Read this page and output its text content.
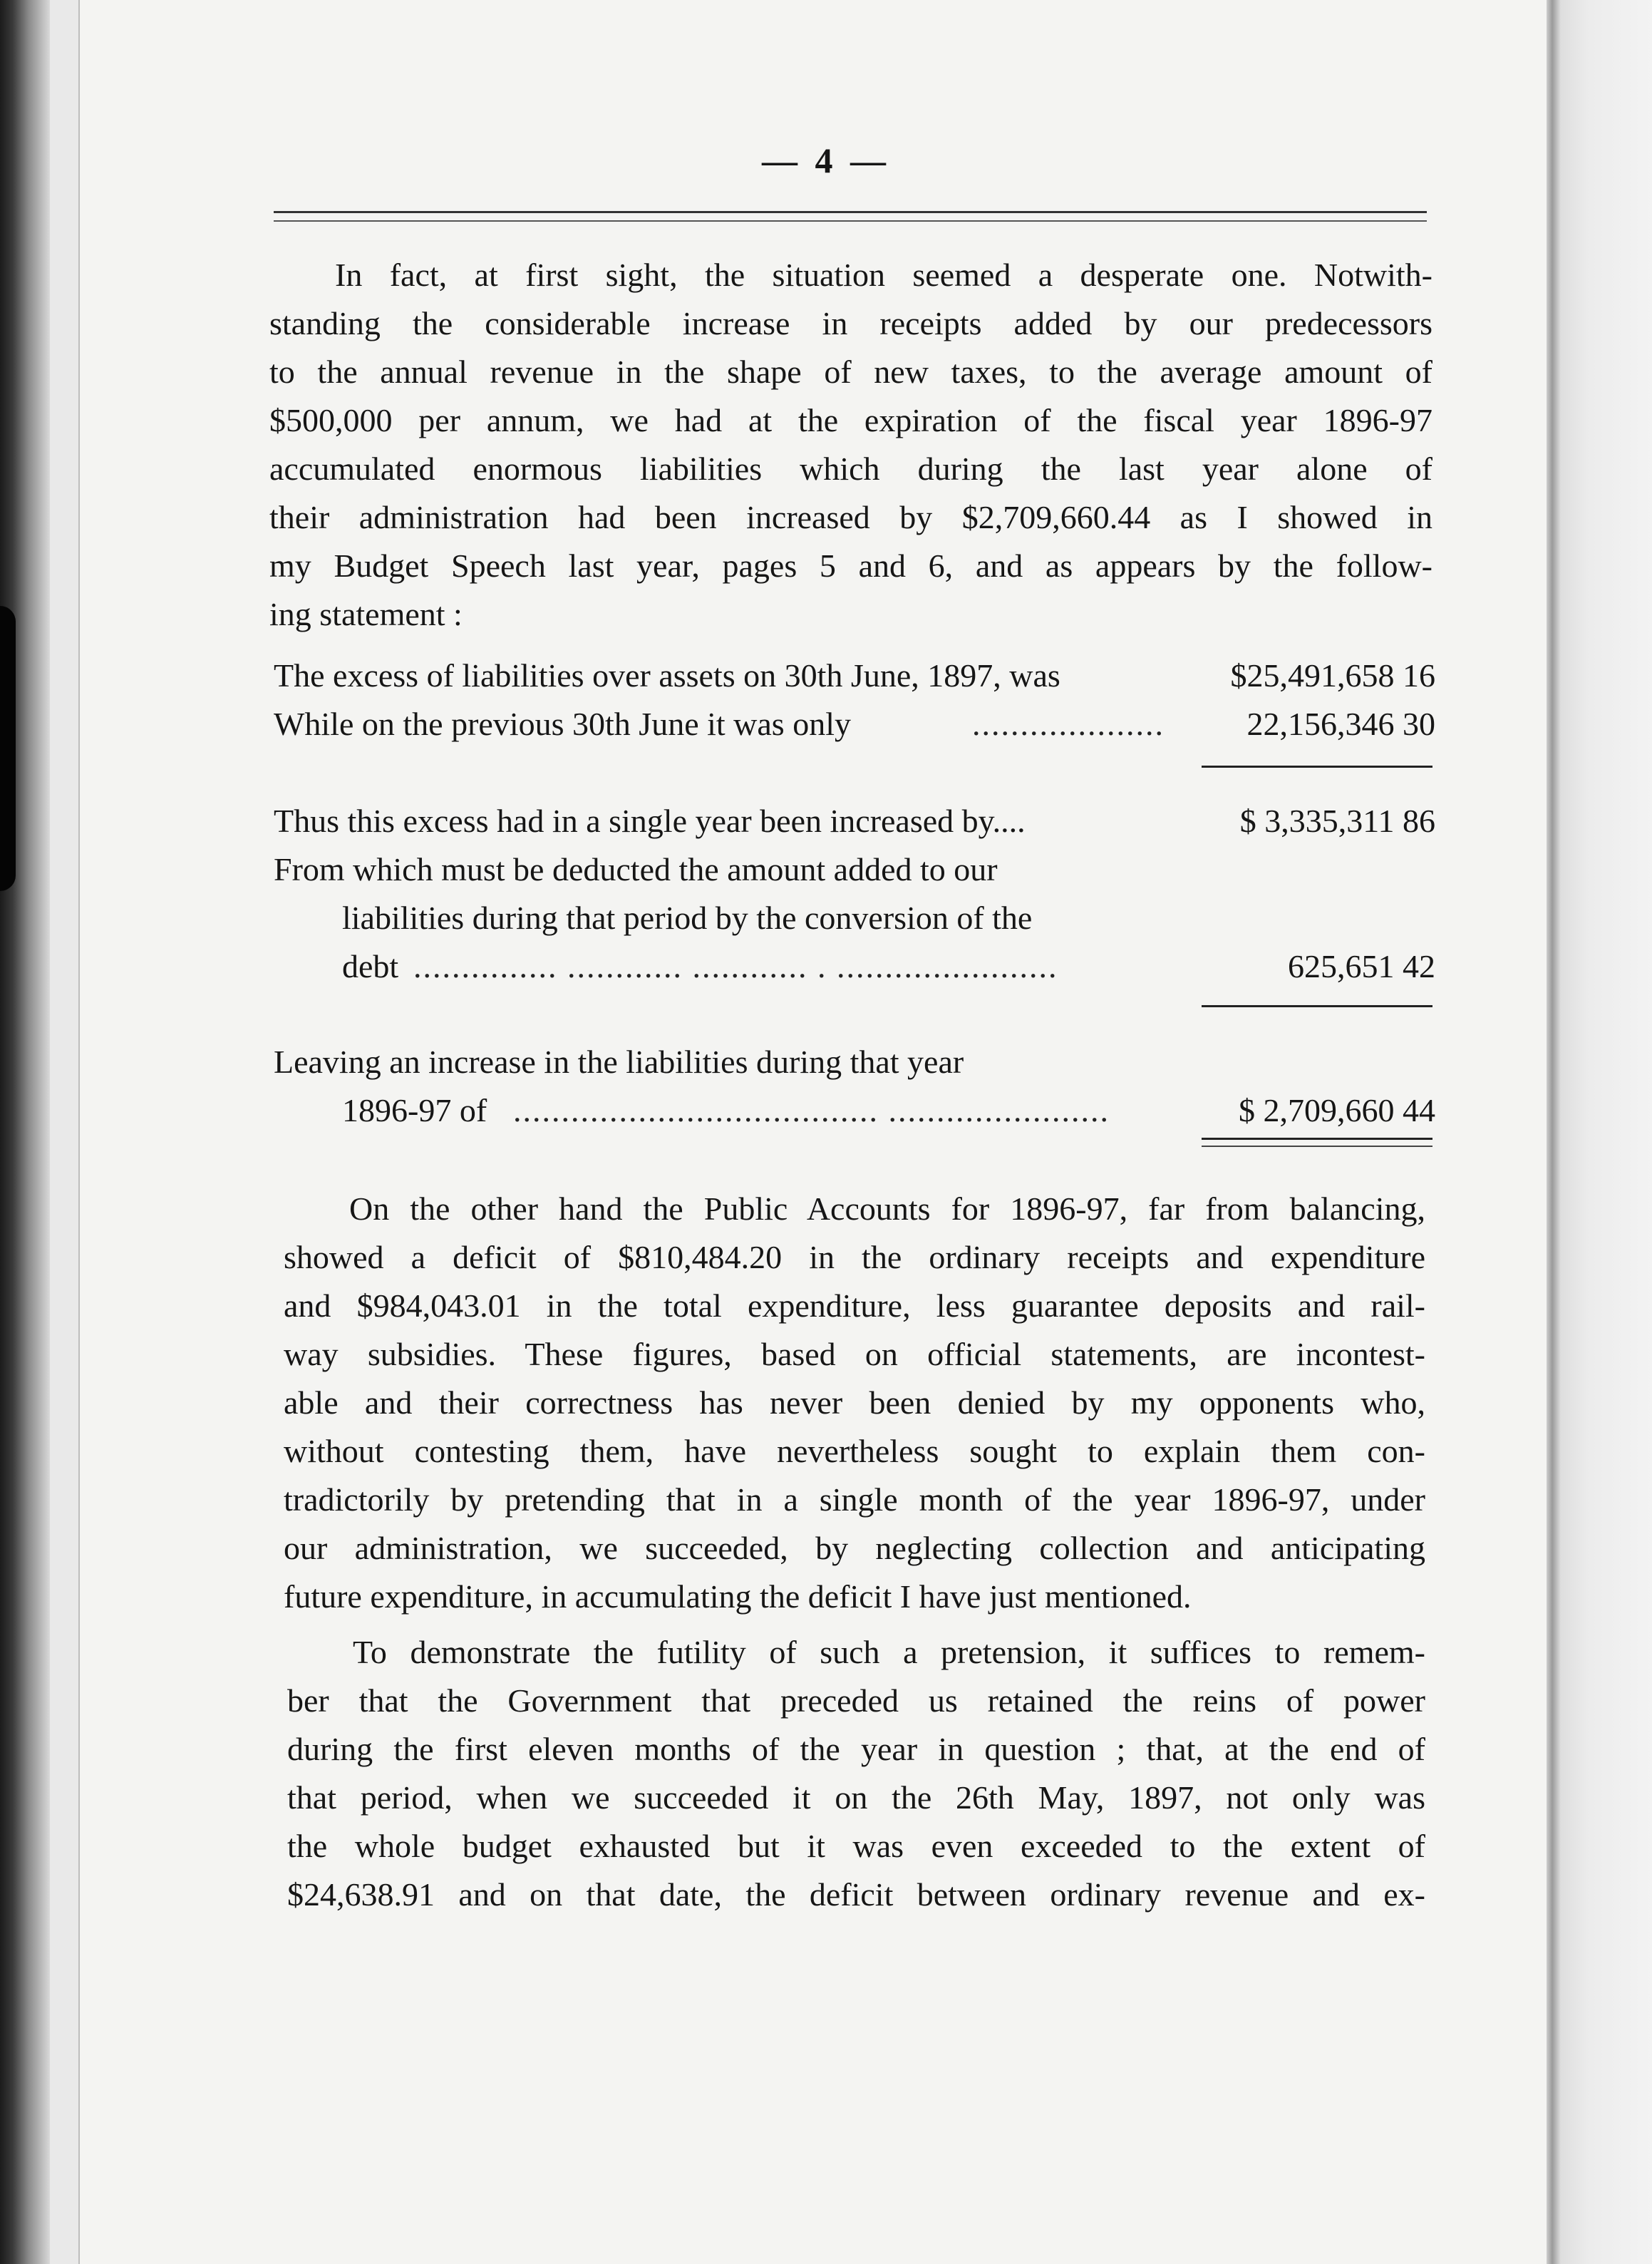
— 4 —

In fact, at first sight, the situation seemed a desperate one. Notwith-
standing the considerable increase in receipts added by our predecessors
to the annual revenue in the shape of new taxes, to the average amount of
$500,000 per annum, we had at the expiration of the fiscal year 1896-97
accumulated enormous liabilities which during the last year alone of
their administration had been increased by $2,709,660.44 as I showed in
my Budget Speech last year, pages 5 and 6, and as appears by the follow-
ing statement :

The excess of liabilities over assets on 30th June, 1897, was	$25,491,658 16
While on the previous 30th June it was only	....................	22,156,346 30
Thus this excess had in a single year been increased by....	$ 3,335,311 86
From which must be deducted the amount added to our
liabilities during that period by the conversion of the
debt ............... ............ ............ . .......................	625,651 42
Leaving an increase in the liabilities during that year
1896-97 of ...................................... .......................	$ 2,709,660 44

On the other hand the Public Accounts for 1896-97, far from balancing,
showed a deficit of $810,484.20 in the ordinary receipts and expenditure
and $984,043.01 in the total expenditure, less guarantee deposits and rail-
way subsidies. These figures, based on official statements, are incontest-
able and their correctness has never been denied by my opponents who,
without contesting them, have nevertheless sought to explain them con-
tradictorily by pretending that in a single month of the year 1896-97, under
our administration, we succeeded, by neglecting collection and anticipating
future expenditure, in accumulating the deficit I have just mentioned.

To demonstrate the futility of such a pretension, it suffices to remem-
ber that the Government that preceded us retained the reins of power
during the first eleven months of the year in question ; that, at the end of
that period, when we succeeded it on the 26th May, 1897, not only was
the whole budget exhausted but it was even exceeded to the extent of
$24,638.91 and on that date, the deficit between ordinary revenue and ex-
